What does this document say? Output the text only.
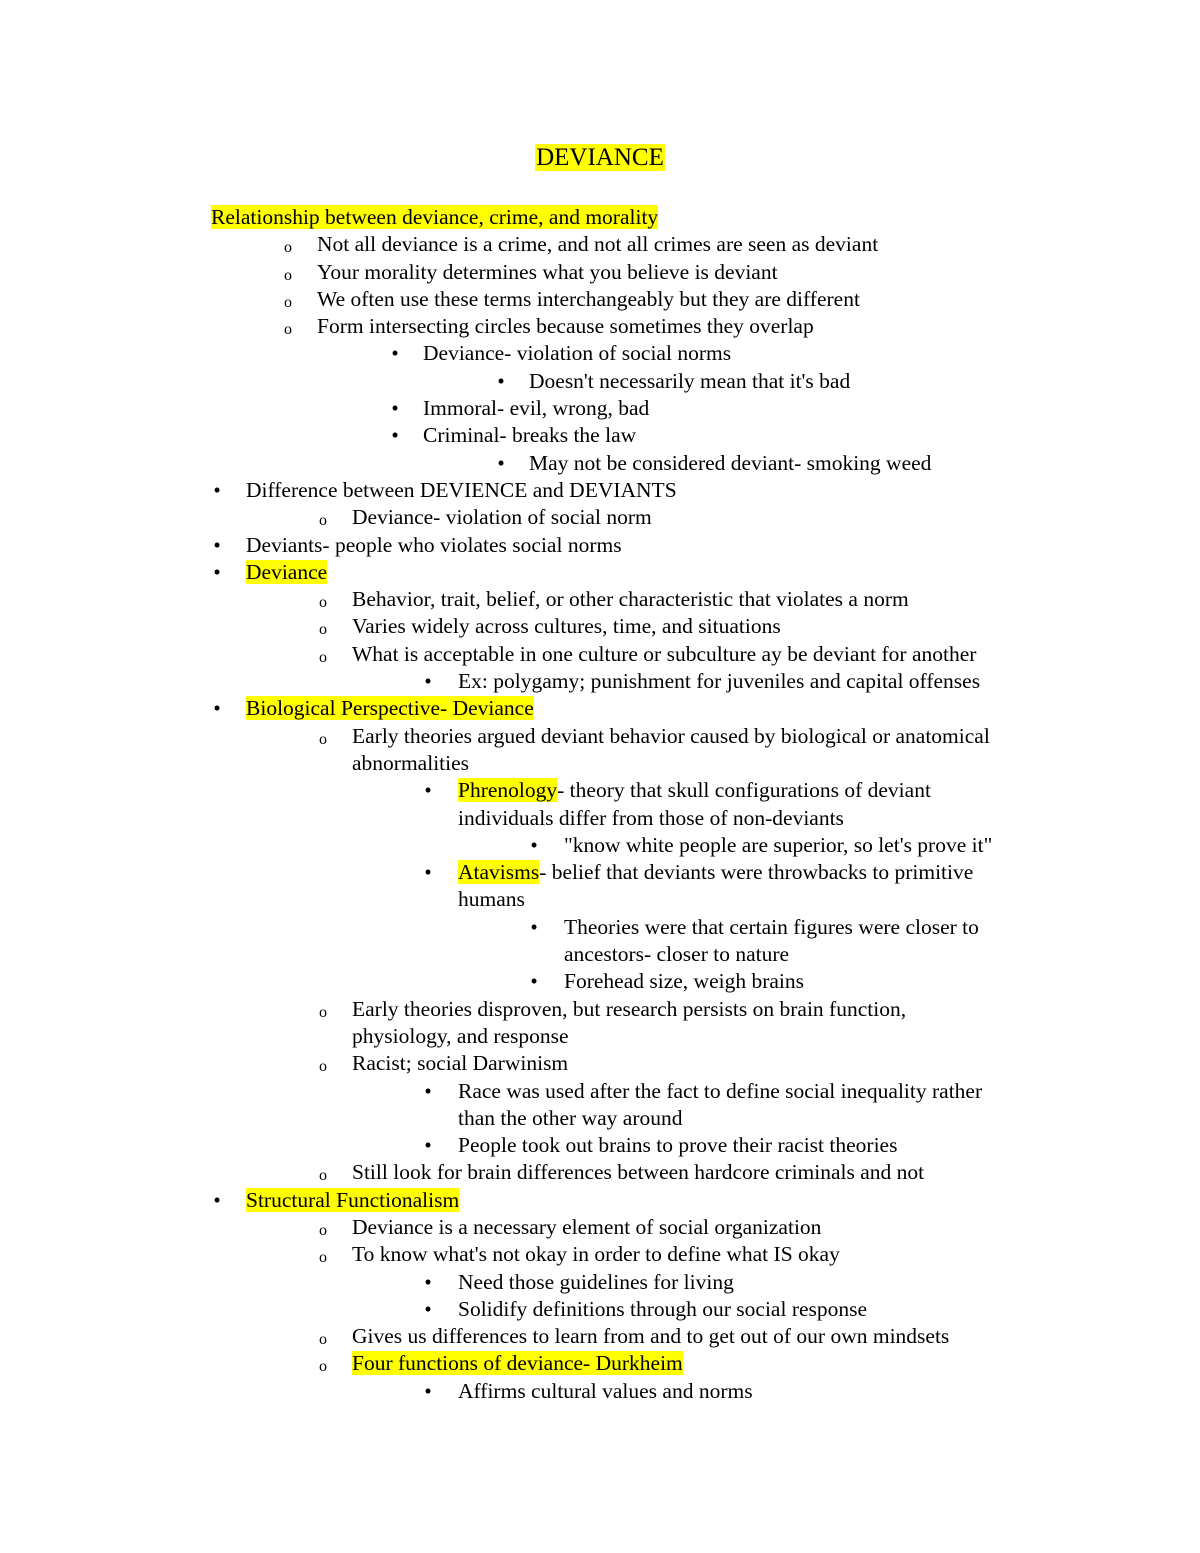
DEVIANCE
Relationship between deviance, crime, and morality
o Not all deviance is a crime, and not all crimes are seen as deviant
o Your morality determines what you believe is deviant
o We often use these terms interchangeably but they are different
o Form intersecting circles because sometimes they overlap
• Deviance- violation of social norms
• Doesn't necessarily mean that it's bad
• Immoral- evil, wrong, bad
• Criminal- breaks the law
• May not be considered deviant- smoking weed
• Difference between DEVIENCE and DEVIANTS
o Deviance- violation of social norm
• Deviants- people who violates social norms
• Deviance
o Behavior, trait, belief, or other characteristic that violates a norm
o Varies widely across cultures, time, and situations
o What is acceptable in one culture or subculture ay be deviant for another
• Ex: polygamy; punishment for juveniles and capital offenses
• Biological Perspective- Deviance
o Early theories argued deviant behavior caused by biological or anatomical
abnormalities
• Phrenology- theory that skull configurations of deviant
individuals differ from those of non-deviants
• "know white people are superior, so let's prove it"
• Atavisms- belief that deviants were throwbacks to primitive
humans
• Theories were that certain figures were closer to
ancestors- closer to nature
• Forehead size, weigh brains
o Early theories disproven, but research persists on brain function,
physiology, and response
o Racist; social Darwinism
• Race was used after the fact to define social inequality rather
than the other way around
• People took out brains to prove their racist theories
o Still look for brain differences between hardcore criminals and not
• Structural Functionalism
o Deviance is a necessary element of social organization
o To know what's not okay in order to define what IS okay
• Need those guidelines for living
• Solidify definitions through our social response
o Gives us differences to learn from and to get out of our own mindsets
o Four functions of deviance- Durkheim
• Affirms cultural values and norms
